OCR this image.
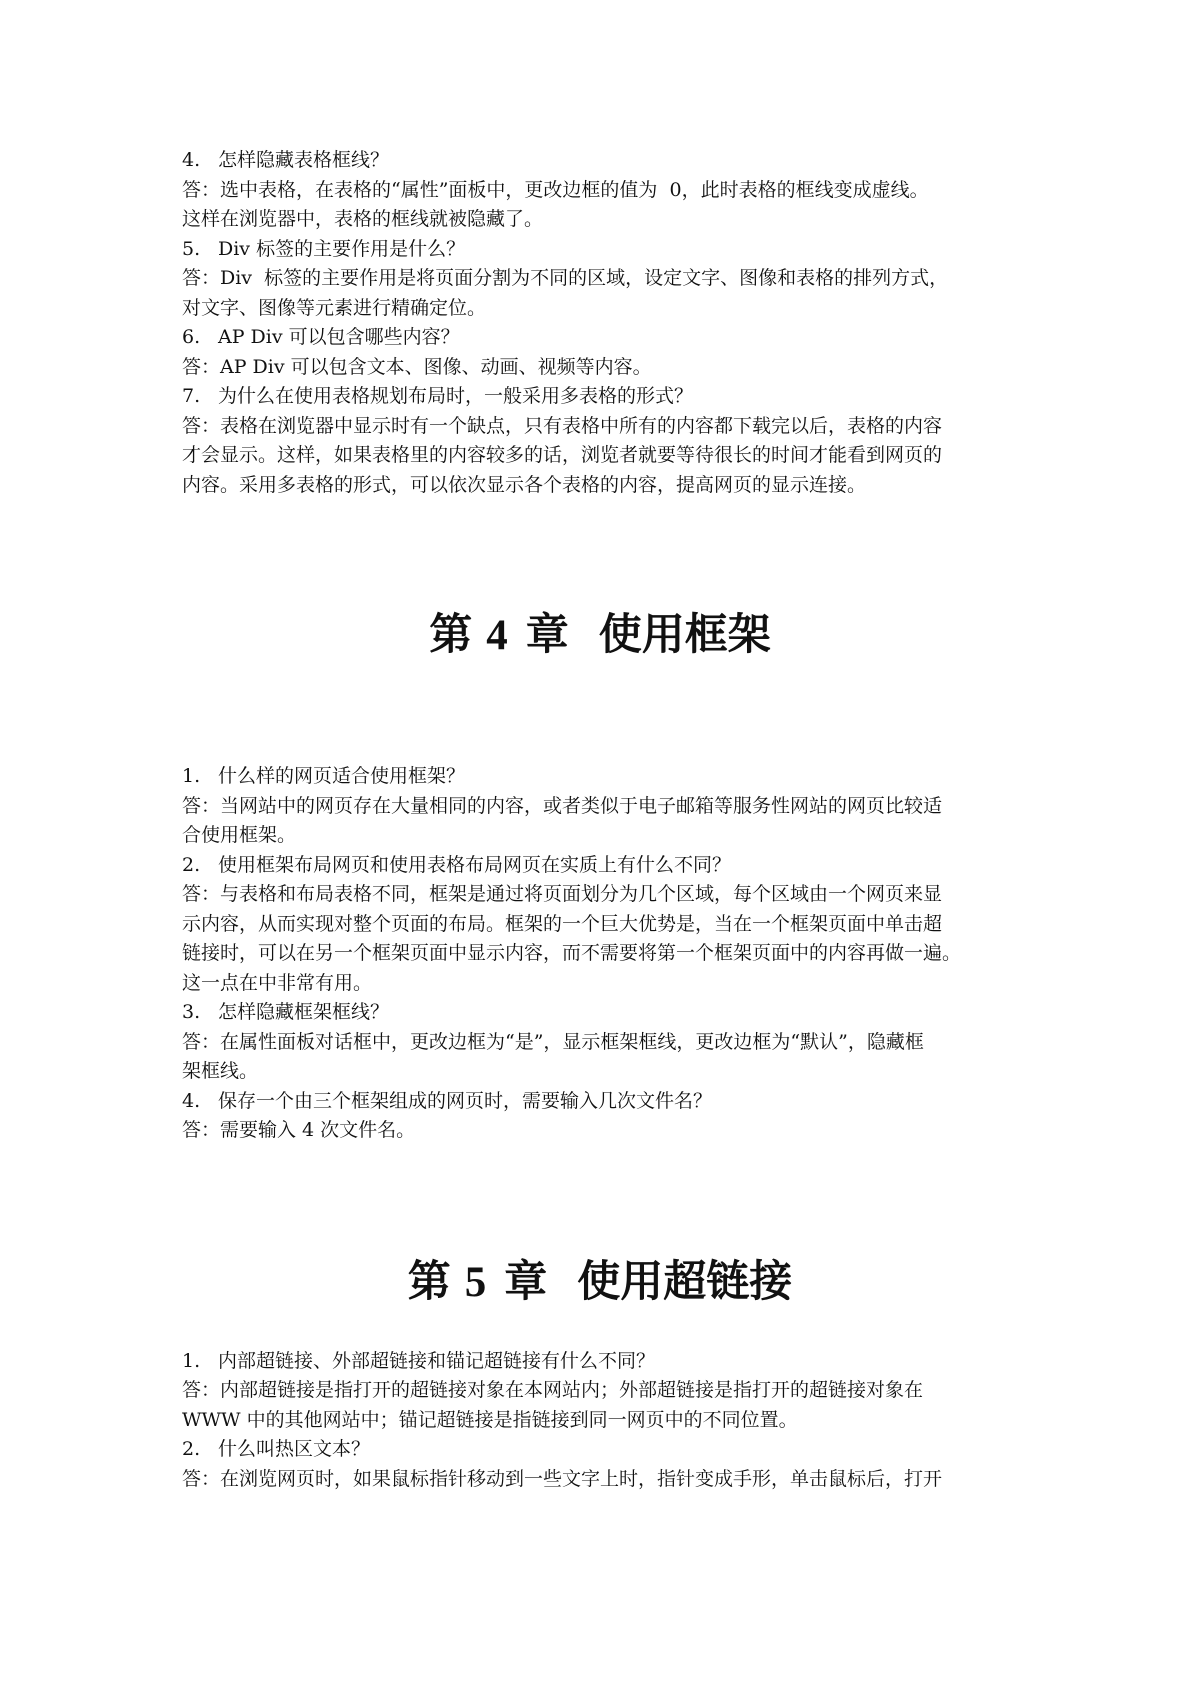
4. 怎样隐藏表格框线？

答：选中表格，在表格的“属性”面板中，更改边框的值为  0，此时表格的框线变成虚线。

这样在浏览器中，表格的框线就被隐藏了。

5. Div 标签的主要作用是什么？

答：Div  标签的主要作用是将页面分割为不同的区域，设定文字、图像和表格的排列方式，

对文字、图像等元素进行精确定位。

6. AP Div 可以包含哪些内容？

答：AP Div 可以包含文本、图像、动画、视频等内容。

7. 为什么在使用表格规划布局时，一般采用多表格的形式？

答：表格在浏览器中显示时有一个缺点，只有表格中所有的内容都下载完以后，表格的内容

才会显示。这样，如果表格里的内容较多的话，浏览者就要等待很长的时间才能看到网页的

内容。采用多表格的形式，可以依次显示各个表格的内容，提高网页的显示连接。

第 4 章  使用框架

1. 什么样的网页适合使用框架？

答：当网站中的网页存在大量相同的内容，或者类似于电子邮箱等服务性网站的网页比较适

合使用框架。

2. 使用框架布局网页和使用表格布局网页在实质上有什么不同？

答：与表格和布局表格不同，框架是通过将页面划分为几个区域，每个区域由一个网页来显

示内容，从而实现对整个页面的布局。框架的一个巨大优势是，当在一个框架页面中单击超

链接时，可以在另一个框架页面中显示内容，而不需要将第一个框架页面中的内容再做一遍。

这一点在中非常有用。

3. 怎样隐藏框架框线？

答：在属性面板对话框中，更改边框为“是”，显示框架框线，更改边框为“默认”，隐藏框

架框线。

4. 保存一个由三个框架组成的网页时，需要输入几次文件名？

答：需要输入 4 次文件名。

第 5 章  使用超链接

1. 内部超链接、外部超链接和锚记超链接有什么不同？

答：内部超链接是指打开的超链接对象在本网站内；外部超链接是指打开的超链接对象在

WWW 中的其他网站中；锚记超链接是指链接到同一网页中的不同位置。

2. 什么叫热区文本？

答：在浏览网页时，如果鼠标指针移动到一些文字上时，指针变成手形，单击鼠标后，打开
